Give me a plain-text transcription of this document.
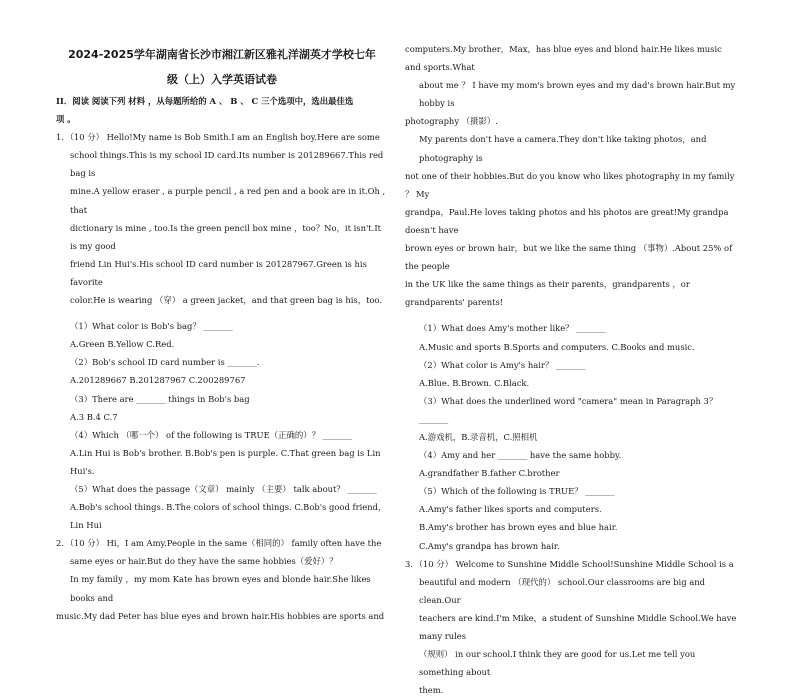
2024-2025学年湖南省长沙市湘江新区雅礼洋湖英才学校七年
级（上）入学英语试卷
II．阅读 阅读下列 材料 ，从每题所给的 A 、 B 、 C 三个选项中，选出最佳选
项 。
1．（10 分） Hello!My name is Bob Smith.I am an English boy.Here are some
school things.This is my school ID card.Its number is 201289667.This red bag is
mine.A yellow eraser , a purple pencil , a red pen and a book are in it.Oh , that
dictionary is mine , too.Is the green pencil box mine ，too？No，it isn't.It is my good
friend Lin Hui's.His school ID card number is 201287967.Green is his favorite
color.He is wearing （穿） a green jacket，and that green bag is his，too.
（1）What color is Bob's bag？ _______
A.Green B.Yellow C.Red.
（2）Bob's school ID card number is _______.
A.201289667 B.201287967 C.200289767
（3）There are _______ things in Bob's bag
A.3 B.4 C.7
（4）Which （哪一个） of the following is TRUE（正确的）？ _______
A.Lin Hui is Bob's brother. B.Bob's pen is purple. C.That green bag is Lin Hui's.
（5）What does the passage（文章） mainly （主要） talk about？ _______
A.Bob's school things. B.The colors of school things. C.Bob's good friend，Lin Hui
2．（10 分） Hi，I am Amy.People in the same（相同的） family often have the
same eyes or hair.But do they have the same hobbies（爱好）？
In my family ，my mom Kate has brown eyes and blonde hair.She likes books and
music.My dad Peter has blue eyes and brown hair.His hobbies are sports and
computers.My brother，Max，has blue eyes and blond hair.He likes music and sports.What
about me ？ I have my mom's brown eyes and my dad's brown hair.But my hobby is
photography （摄影）.
My parents don't have a camera.They don't like taking photos，and photography is
not one of their hobbies.But do you know who likes photography in my family ？ My
grandpa，Paul.He loves taking photos and his photos are great!My grandpa doesn't have
brown eyes or brown hair，but we like the same thing （事物）.About 25% of the people
in the UK like the same things as their parents，grandparents ，or grandparents' parents!
（1）What does Amy's mother like？ _______
A.Music and sports B.Sports and computers. C.Books and music.
（2）What color is Amy's hair？ _______
A.Blue. B.Brown. C.Black.
（3）What does the underlined word "camera" mean in Paragraph 3？ _______
A.游戏机，B.录音机，C.照相机
（4）Amy and her _______ have the same hobby.
A.grandfather B.father C.brother
（5）Which of the following is TRUE？ _______
A.Amy's father likes sports and computers.
B.Amy's brother has brown eyes and blue hair.
C.Amy's grandpa has brown hair.
3．（10 分） Welcome to Sunshine Middle School!Sunshine Middle School is a
beautiful and modern （现代的） school.Our classrooms are big and clean.Our
teachers are kind.I'm Mike，a student of Sunshine Middle School.We have many rules
（规则） in our school.I think they are good for us.Let me tell you something about
them.
